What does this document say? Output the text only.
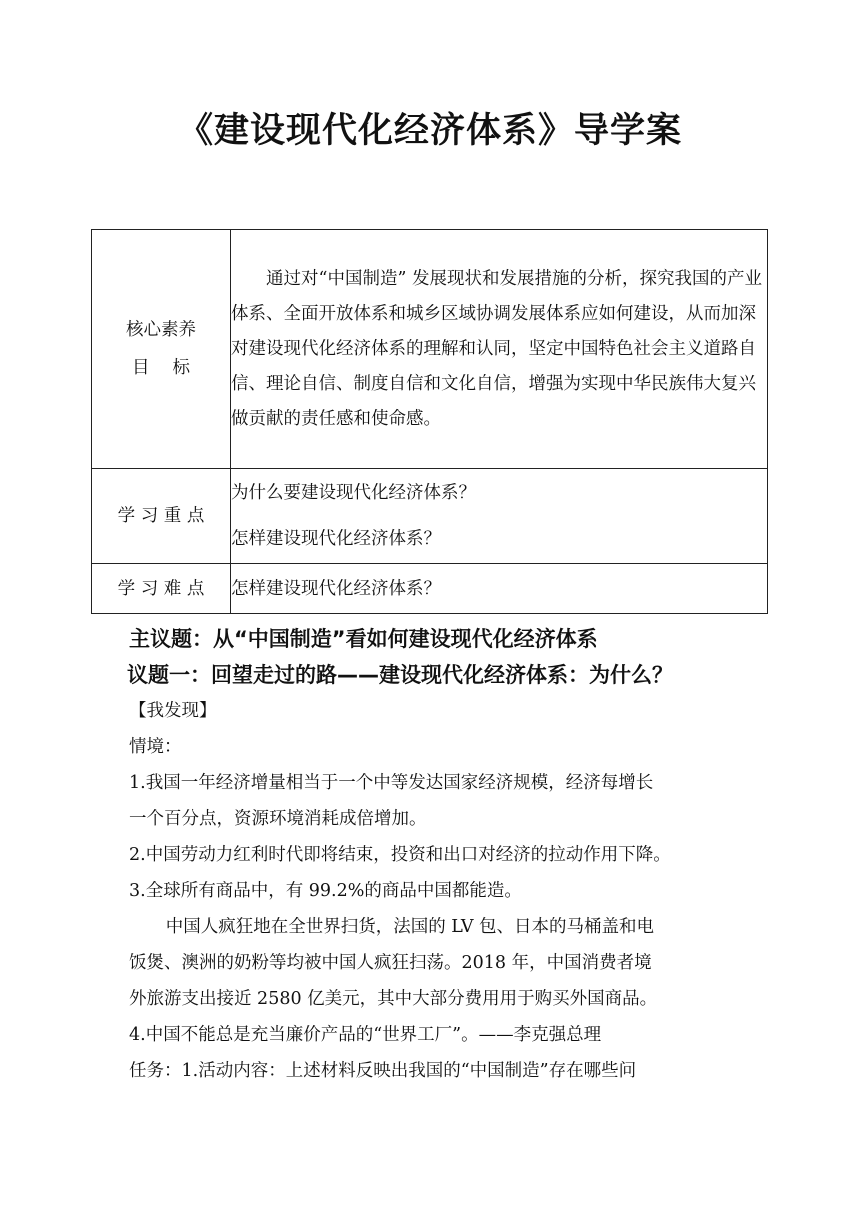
《建设现代化经济体系》导学案
核心素养
目　 标	通过对“中国制造” 发展现状和发展措施的分析，探究我国的产业体系、全面开放体系和城乡区域协调发展体系应如何建设，从而加深对建设现代化经济体系的理解和认同，坚定中国特色社会主义道路自信、理论自信、制度自信和文化自信，增强为实现中华民族伟大复兴做贡献的责任感和使命感。

学 习 重 点	为什么要建设现代化经济体系？
怎样建设现代化经济体系？

学 习 难 点	怎样建设现代化经济体系？
主议题：从“中国制造”看如何建设现代化经济体系
议题一：回望走过的路——建设现代化经济体系：为什么？

【我发现】

情境：

1.我国一年经济增量相当于一个中等发达国家经济规模，经济每增长

一个百分点，资源环境消耗成倍增加。

2.中国劳动力红利时代即将结束，投资和出口对经济的拉动作用下降。

3.全球所有商品中，有 99.2%的商品中国都能造。

中国人疯狂地在全世界扫货，法国的 LV 包、日本的马桶盖和电

饭煲、澳洲的奶粉等均被中国人疯狂扫荡。2018 年，中国消费者境

外旅游支出接近 2580 亿美元，其中大部分费用用于购买外国商品。

4.中国不能总是充当廉价产品的“世界工厂”。——李克强总理

任务：1.活动内容：上述材料反映出我国的“中国制造”存在哪些问
